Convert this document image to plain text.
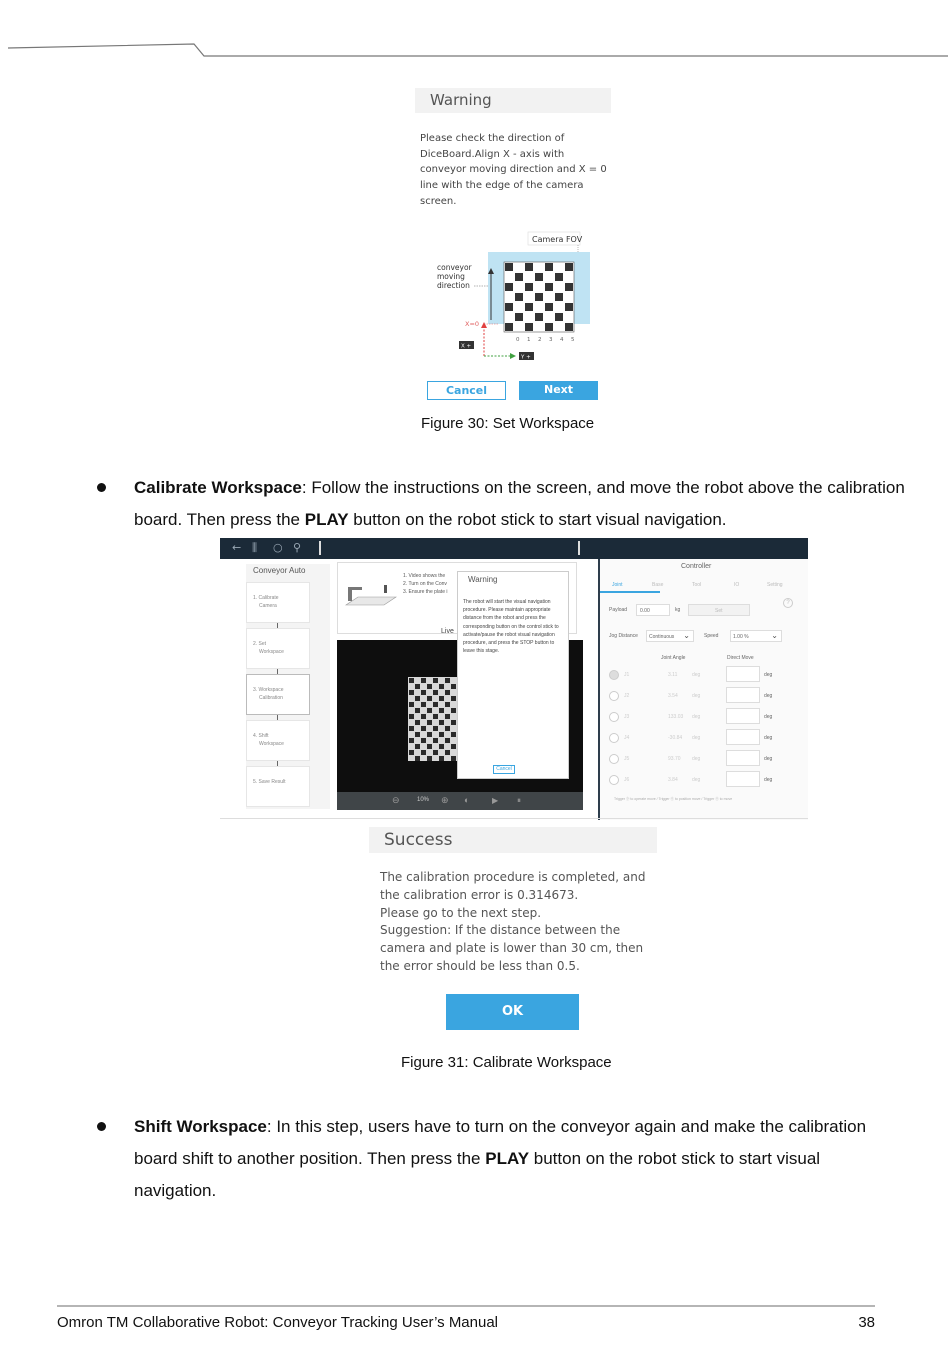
Warning
Please check the direction of DiceBoard.Align X - axis with conveyor moving direction and X = 0 line with the edge of the camera screen.
Camera FOV
conveyor
moving
direction
X=0
0 1 2 3 4 5
X +
Y +
Cancel	Next
Figure 30: Set Workspace
Calibrate Workspace: Follow the instructions on the screen, and move the robot above the calibration board. Then press the PLAY button on the robot stick to start visual navigation.
← ⫼ ○ ⚲
Conveyor Auto
1. Calibrate
Camera
2. Set
Workspace
3. Workspace
Calibration
4. Shift
Workspace
5. Save Result
1. Video shows the
2. Turn on the Conv
3. Ensure the plate i
Live
⊖	10% ⊕ ◐	▶ ⏸
Warning
The robot will start the visual navigation procedure. Please maintain appropriate distance from the robot and press the corresponding button on the control stick to activate/pause the robot visual navigation procedure, and press the STOP button to leave this stage.
Cancel
Controller
Joint	Base	Tool	IO	Setting
Payload	0.00	kg	Set
?
Jog Distance Continuous ⌄	Speed	1.00 %	⌄
Joint Angle	Direct Move
J1	3.11	deg	deg
J2	3.54	deg	deg
J3	133.03 deg	deg
J4	-30.84 deg	deg
J5	93.70 deg	deg
J6	3.84	deg	deg
Trigger ⓪ to operate move / Trigger ⓪ to position move / Trigger ⓪ to move
Success
The calibration procedure is completed, and
the calibration error is 0.314673.
Please go to the next step.
Suggestion: If the distance between the
camera and plate is lower than 30 cm, then
the error should be less than 0.5.
OK
Figure 31: Calibrate Workspace
Shift Workspace: In this step, users have to turn on the conveyor again and make the calibration board shift to another position. Then press the PLAY button on the robot stick to start visual navigation.
Omron TM Collaborative Robot: Conveyor Tracking User’s Manual	38
